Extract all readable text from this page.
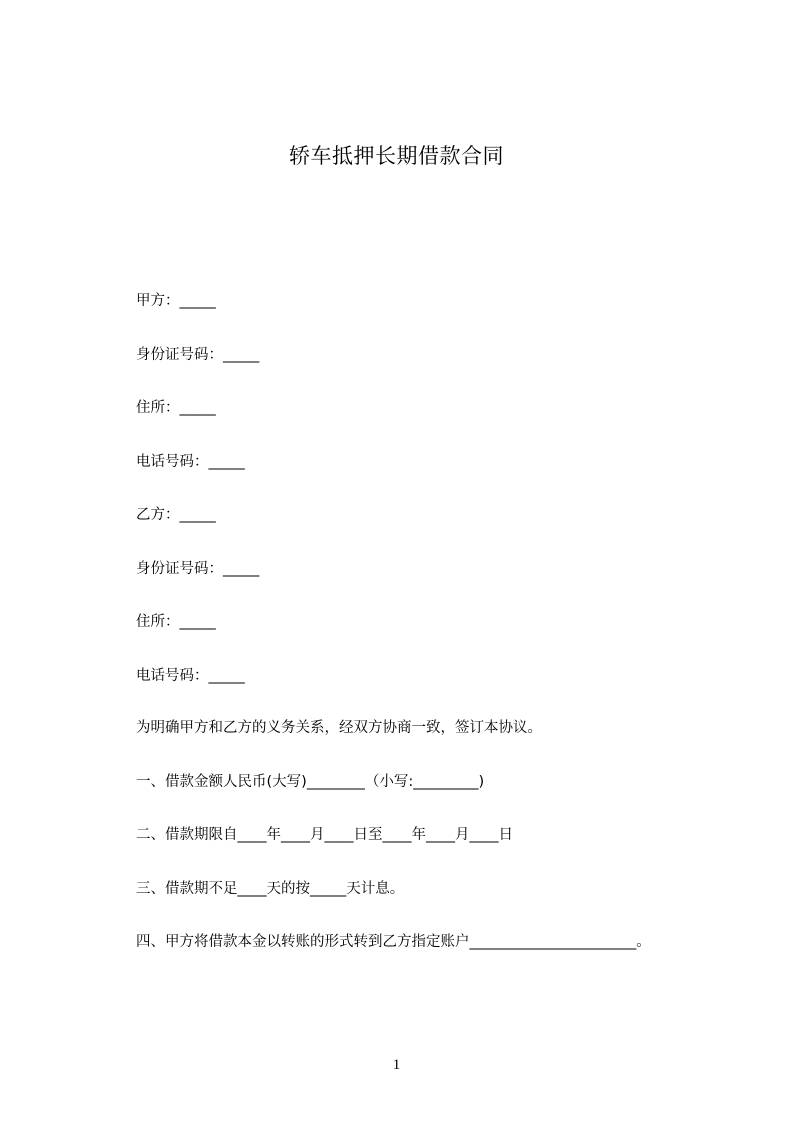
轿车抵押长期借款合同
甲方：_____
身份证号码：_____
住所：_____
电话号码：_____
乙方：_____
身份证号码：_____
住所：_____
电话号码：_____
为明确甲方和乙方的义务关系，经双方协商一致，签订本协议。
一、借款金额人民币(大写)________（小写:_________)
二、借款期限自____年____月____日至____年____月____日
三、借款期不足____天的按_____天计息。
四、甲方将借款本金以转账的形式转到乙方指定账户_______________________。
1
